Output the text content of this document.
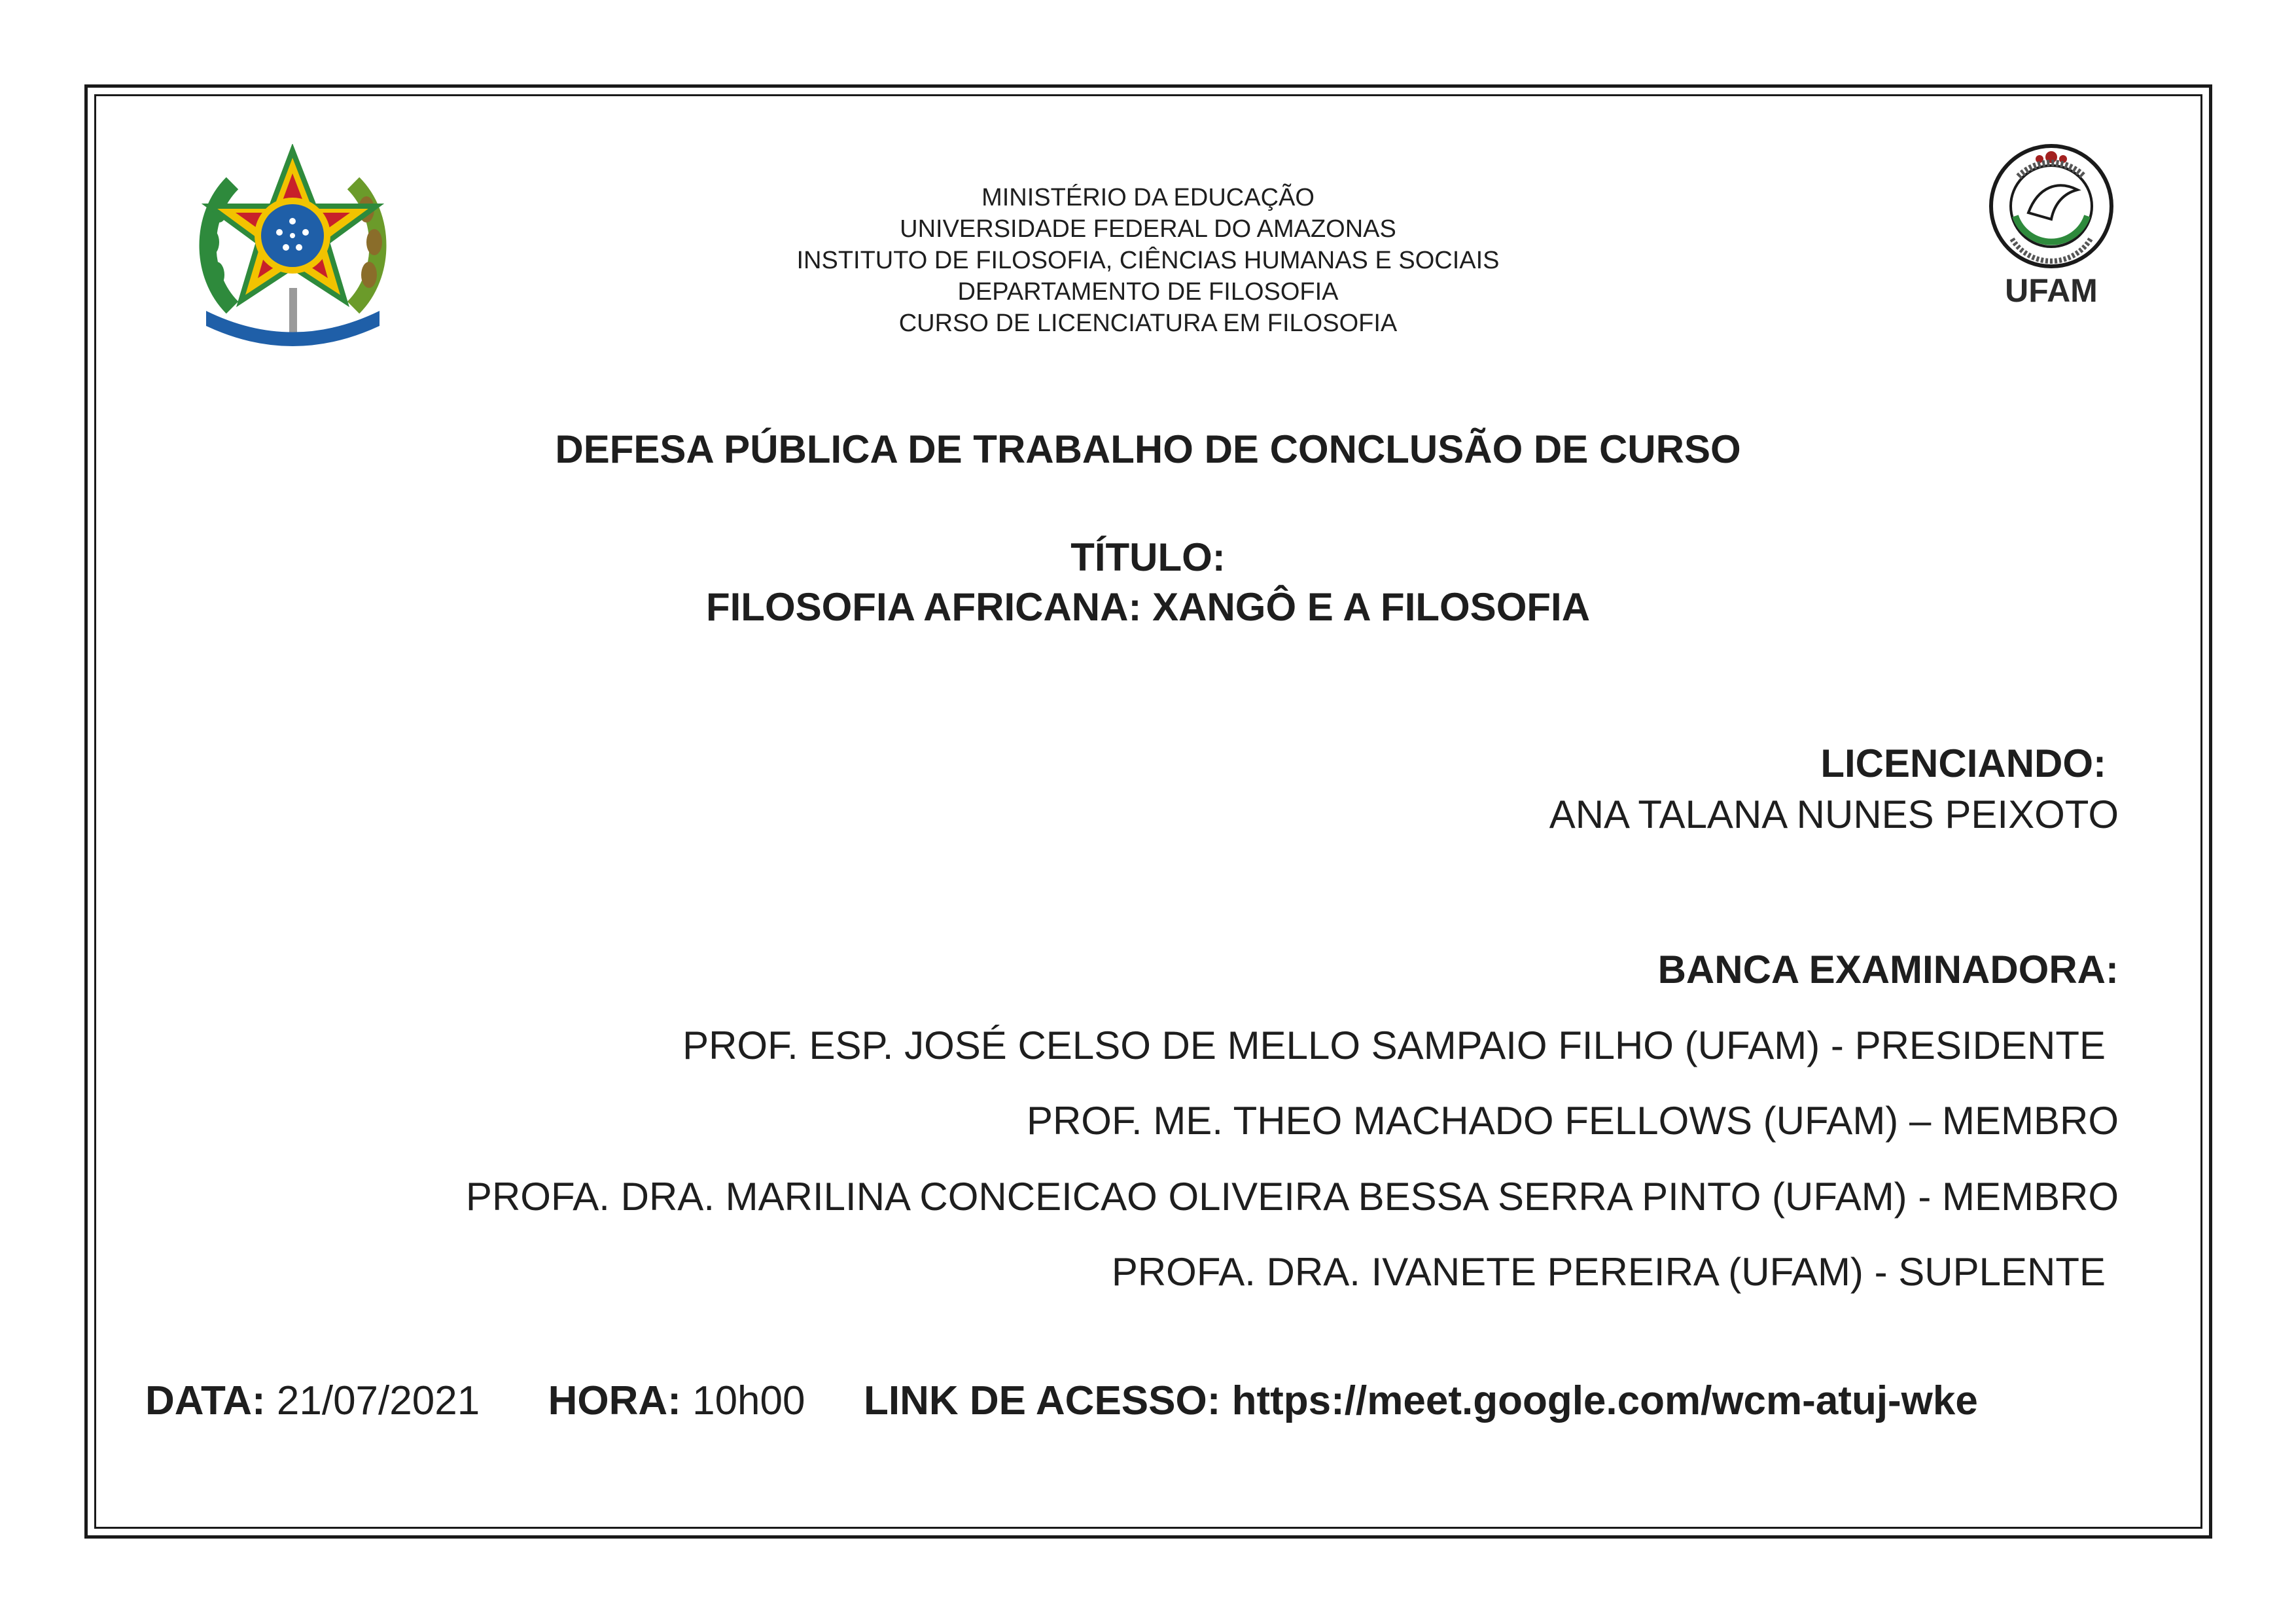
UFAM
MINISTÉRIO DA EDUCAÇÃO
UNIVERSIDADE FEDERAL DO AMAZONAS
INSTITUTO DE FILOSOFIA, CIÊNCIAS HUMANAS E SOCIAIS
DEPARTAMENTO DE FILOSOFIA
CURSO DE LICENCIATURA EM FILOSOFIA
DEFESA PÚBLICA DE TRABALHO DE CONCLUSÃO DE CURSO
TÍTULO:
FILOSOFIA AFRICANA: XANGÔ E A FILOSOFIA
LICENCIANDO:
ANA TALANA NUNES PEIXOTO
BANCA EXAMINADORA:
PROF. ESP. JOSÉ CELSO DE MELLO SAMPAIO FILHO (UFAM) - PRESIDENTE
PROF. ME. THEO MACHADO FELLOWS (UFAM) – MEMBRO
PROFA. DRA. MARILINA CONCEICAO OLIVEIRA BESSA SERRA PINTO (UFAM) - MEMBRO
PROFA. DRA. IVANETE PEREIRA (UFAM) - SUPLENTE
DATA: 21/07/2021 HORA: 10h00 LINK DE ACESSO: https://meet.google.com/wcm-atuj-wke
